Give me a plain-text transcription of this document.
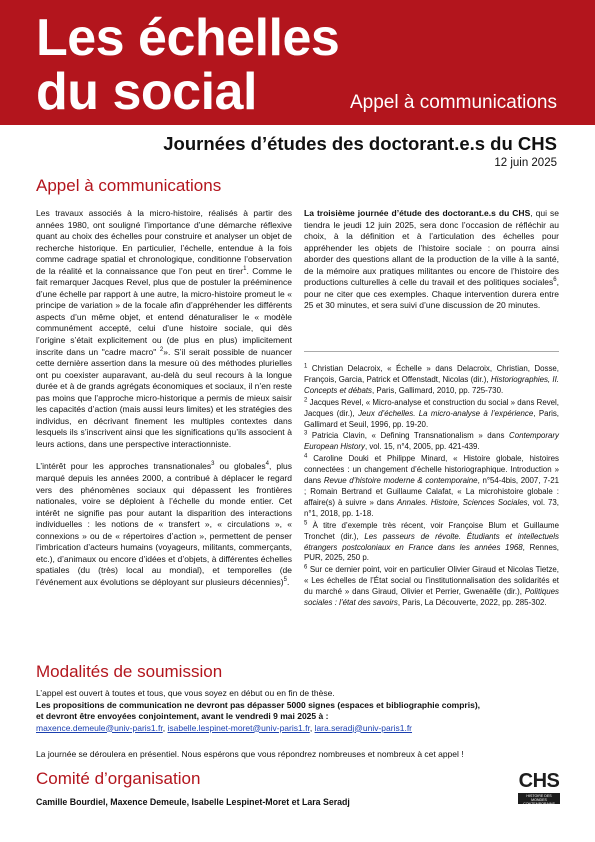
Les échelles
du social	Appel à communications
Journées d’études des doctorant.e.s du CHS
12 juin 2025
Appel à communications

Les travaux associés à la micro-histoire, réalisés à partir des années 1980, ont souligné l’importance d’une démarche réflexive quant au choix des échelles pour construire et analyser un objet de recherche historique. En particulier, l’échelle, entendue à la fois comme cadrage spatial et chronologique, conditionne l’observation de la réalité et la connaissance que l’on peut en tirer$^1$. Comme le fait remarquer Jacques Revel, plus que de postuler la prééminence d’une échelle par rapport à une autre, la micro-histoire promeut le « principe de variation » de la focale afin d’appréhender les différents aspects d’un même objet, et entend dénaturaliser le « modèle communément accepté, celui d’une histoire sociale, qui dès l’origine s’était explicitement ou (de plus en plus) implicitement inscrite dans un "cadre macro" $^2$». S’il serait possible de nuancer cette dernière assertion dans la mesure où des méthodes plurielles ont pu coexister auparavant, au-delà du seul recours à la longue durée et à de grands agrégats économiques et sociaux, il n’en reste pas moins que l’approche micro-historique a permis de mieux saisir les capacités d’action (mais aussi leurs limites) et les stratégies des individus, en décrivant finement les multiples contextes dans lesquels ils s’inscrivent ainsi que les significations qu’ils associent à leurs actions, dans une perspective interactionniste.

L’intérêt pour les approches transnationales$^3$ ou globales$^4$, plus marqué depuis les années 2000, a contribué à déplacer le regard vers des phénomènes sociaux qui dépassent les frontières nationales, voire se déploient à l’échelle du monde entier. Cet intérêt ne signifie pas pour autant la disparition des interactions individuelles : les notions de « transfert », « circulations », « connexions » ou de « répertoires d’action », permettent de penser l’imbrication d’acteurs humains (voyageurs, militants, commerçants, etc.), d’animaux ou encore d’idées et d’objets, à différentes échelles spatiales (du (très) local au mondial), et temporelles (de l’événement aux évolutions se déployant sur plusieurs décennies)$^5$.

La troisième journée d’étude des doctorant.e.s du CHS, qui se tiendra le jeudi 12 juin 2025, sera donc l’occasion de réfléchir au choix, à la définition et à l’articulation des échelles pour appréhender les objets de l’histoire sociale : on pourra ainsi aborder des questions allant de la production de la ville à la santé, de la mémoire aux pratiques militantes ou encore de l’histoire des productions culturelles à celle du travail et des politiques sociales$^6$, pour ne citer que ces exemples. Chaque intervention durera entre 25 et 30 minutes, et sera suivi d’une discussion de 20 minutes.

$^1$ Christian Delacroix, « Échelle » dans Delacroix, Christian, Dosse, François, Garcia, Patrick et Offenstadt, Nicolas (dir.), Historiographies, II. Concepts et débats, Paris, Gallimard, 2010, pp. 725-730.

$^2$ Jacques Revel, « Micro-analyse et construction du social » dans Revel, Jacques (dir.), Jeux d’échelles. La micro-analyse à l’expérience, Paris, Gallimard et Seuil, 1996, pp. 19-20.

$^3$ Patricia Clavin, « Defining Transnationalism » dans Contemporary European History, vol. 15, n°4, 2005, pp. 421-439.

$^4$ Caroline Douki et Philippe Minard, « Histoire globale, histoires connectées : un changement d’échelle historiographique. Introduction » dans Revue d’histoire moderne & contemporaine, n°54-4bis, 2007, 7-21 ; Romain Bertrand et Guillaume Calafat, « La microhistoire globale : affaire(s) à suivre » dans Annales. Histoire, Sciences Sociales, vol. 73, n°1, 2018, pp. 1-18.

$^5$ À titre d’exemple très récent, voir Françoise Blum et Guillaume Tronchet (dir.), Les passeurs de révolte. Étudiants et intellectuels étrangers postcoloniaux en France dans les années 1968, Rennes, PUR, 2025, 250 p.

$^6$ Sur ce dernier point, voir en particulier Olivier Giraud et Nicolas Tietze, « Les échelles de l’État social ou l’institutionnalisation des solidarités et du marché » dans Giraud, Olivier et Perrier, Gwenaëlle (dir.), Politiques sociales : l’état des savoirs, Paris, La Découverte, 2022, pp. 285-302.

Modalités de soumission

L’appel est ouvert à toutes et tous, que vous soyez en début ou en fin de thèse.

Les propositions de communication ne devront pas dépasser 5000 signes (espaces et bibliographie compris),

et devront être envoyées conjointement, avant le vendredi 9 mai 2025 à :

maxence.demeule@univ-paris1.fr, isabelle.lespinet-moret@univ-paris1.fr, lara.seradj@univ-paris1.fr

La journée se déroulera en présentiel. Nous espérons que vous répondrez nombreuses et nombreux à cet appel !
Comité d’organisation
Camille Bourdiel, Maxence Demeule, Isabelle Lespinet-Moret et Lara Seradj
CHS
HISTOIRE DES MONDES
CONTEMPORAINS
